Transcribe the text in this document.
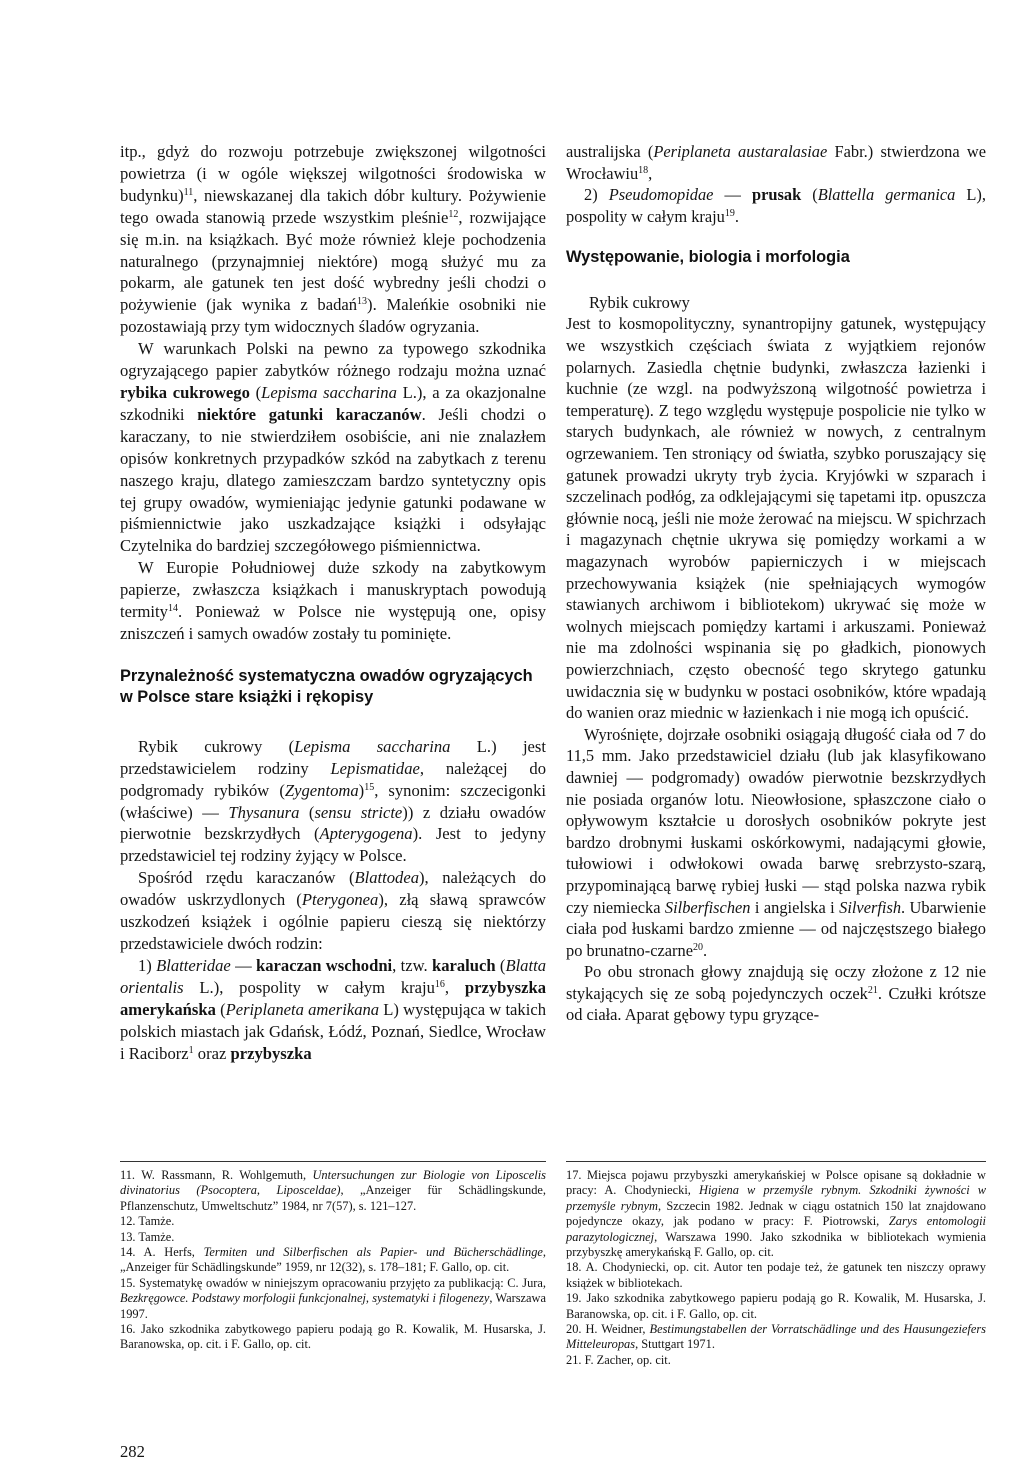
itp., gdyż do rozwoju potrzebuje zwiększonej wilgotności powietrza (i w ogóle większej wilgotności środowiska w budynku)$^{11}$, niewskazanej dla takich dóbr kultury. Pożywienie tego owada stanowią przede wszystkim pleśnie$^{12}$, rozwijające się m.in. na książkach. Być może również kleje pochodzenia naturalnego (przynajmniej niektóre) mogą służyć mu za pokarm, ale gatunek ten jest dość wybredny jeśli chodzi o pożywienie (jak wynika z badań$^{13}$). Maleńkie osobniki nie pozostawiają przy tym widocznych śladów ogryzania.

W warunkach Polski na pewno za typowego szkodnika ogryzającego papier zabytków różnego rodzaju można uznać rybika cukrowego (Lepisma saccharina L.), a za okazjonalne szkodniki niektóre gatunki karaczanów. Jeśli chodzi o karaczany, to nie stwierdziłem osobiście, ani nie znalazłem opisów konkretnych przypadków szkód na zabytkach z terenu naszego kraju, dlatego zamieszczam bardzo syntetyczny opis tej grupy owadów, wymieniając jedynie gatunki podawane w piśmiennictwie jako uszkadzające książki i odsyłając Czytelnika do bardziej szczegółowego piśmiennictwa.

W Europie Południowej duże szkody na zabytkowym papierze, zwłaszcza książkach i manuskryptach powodują termity$^{14}$. Ponieważ w Polsce nie występują one, opisy zniszczeń i samych owadów zostały tu pominięte.

Przynależność systematyczna owadów ogryzających w Polsce stare książki i rękopisy

Rybik cukrowy (Lepisma saccharina L.) jest przedstawicielem rodziny Lepismatidae, należącej do podgromady rybików (Zygentoma)$^{15}$, synonim: szczecigonki (właściwe) — Thysanura (sensu stricte)) z działu owadów pierwotnie bezskrzydłych (Apterygogena). Jest to jedyny przedstawiciel tej rodziny żyjący w Polsce.

Spośród rzędu karaczanów (Blattodea), należących do owadów uskrzydlonych (Pterygonea), złą sławą sprawców uszkodzeń książek i ogólnie papieru cieszą się niektórzy przedstawiciele dwóch rodzin:

1) Blatteridae — karaczan wschodni, tzw. karaluch (Blatta orientalis L.), pospolity w całym kraju$^{16}$, przybyszka amerykańska (Periplaneta amerikana L) występująca w takich polskich miastach jak Gdańsk, Łódź, Poznań, Siedlce, Wrocław i Raciborz$^1$ oraz przybyszka

australijska (Periplaneta austaralasiae Fabr.) stwierdzona we Wrocławiu$^{18}$,

2) Pseudomopidae — prusak (Blattella germanica L), pospolity w całym kraju$^{19}$.

Występowanie, biologia i morfologia

Rybik cukrowy

Jest to kosmopolityczny, synantropijny gatunek, występujący we wszystkich częściach świata z wyjątkiem rejonów polarnych. Zasiedla chętnie budynki, zwłaszcza łazienki i kuchnie (ze wzgl. na podwyższoną wilgotność powietrza i temperaturę). Z tego względu występuje pospolicie nie tylko w starych budynkach, ale również w nowych, z centralnym ogrzewaniem. Ten stroniący od światła, szybko poruszający się gatunek prowadzi ukryty tryb życia. Kryjówki w szparach i szczelinach podłóg, za odklejającymi się tapetami itp. opuszcza głównie nocą, jeśli nie może żerować na miejscu. W spichrzach i magazynach chętnie ukrywa się pomiędzy workami a w magazynach wyrobów papierniczych i w miejscach przechowywania książek (nie spełniających wymogów stawianych archiwom i bibliotekom) ukrywać się może w wolnych miejscach pomiędzy kartami i arkuszami. Ponieważ nie ma zdolności wspinania się po gładkich, pionowych powierzchniach, często obecność tego skrytego gatunku uwidacznia się w budynku w postaci osobników, które wpadają do wanien oraz miednic w łazienkach i nie mogą ich opuścić.

Wyrośnięte, dojrzałe osobniki osiągają długość ciała od 7 do 11,5 mm. Jako przedstawiciel działu (lub jak klasyfikowano dawniej — podgromady) owadów pierwotnie bezskrzydłych nie posiada organów lotu. Nieowłosione, spłaszczone ciało o opływowym kształcie u dorosłych osobników pokryte jest bardzo drobnymi łuskami oskórkowymi, nadającymi głowie, tułowiowi i odwłokowi owada barwę srebrzysto-szarą, przypominającą barwę rybiej łuski — stąd polska nazwa rybik czy niemiecka Silberfischen i angielska i Silverfish. Ubarwienie ciała pod łuskami bardzo zmienne — od najczęstszego białego po brunatno-czarne$^{20}$.

Po obu stronach głowy znajdują się oczy złożone z 12 nie stykających się ze sobą pojedynczych oczek$^{21}$. Czułki krótsze od ciała. Aparat gębowy typu gryzące-

11. W. Rassmann, R. Wohlgemuth, Untersuchungen zur Biologie von Liposcelis divinatorius (Psocoptera, Liposceldae), „Anzeiger für Schädlingskunde, Pflanzenschutz, Umweltschutz” 1984, nr 7(57), s. 121–127.

12. Tamże.

13. Tamże.

14. A. Herfs, Termiten und Silberfischen als Papier- und Bücherschädlinge, „Anzeiger für Schädlingskunde” 1959, nr 12(32), s. 178–181; F. Gallo, op. cit.

15. Systematykę owadów w niniejszym opracowaniu przyjęto za publikacją: C. Jura, Bezkręgowce. Podstawy morfologii funkcjonalnej, systematyki i filogenezy, Warszawa 1997.

16. Jako szkodnika zabytkowego papieru podają go R. Kowalik, M. Husarska, J. Baranowska, op. cit. i F. Gallo, op. cit.

17. Miejsca pojawu przybyszki amerykańskiej w Polsce opisane są dokładnie w pracy: A. Chodyniecki, Higiena w przemyśle rybnym. Szkodniki żywności w przemyśle rybnym, Szczecin 1982. Jednak w ciągu ostatnich 150 lat znajdowano pojedyncze okazy, jak podano w pracy: F. Piotrowski, Zarys entomologii parazytologicznej, Warszawa 1990. Jako szkodnika w bibliotekach wymienia przybyszkę amerykańską F. Gallo, op. cit.

18. A. Chodyniecki, op. cit. Autor ten podaje też, że gatunek ten niszczy oprawy książek w bibliotekach.

19. Jako szkodnika zabytkowego papieru podają go R. Kowalik, M. Husarska, J. Baranowska, op. cit. i F. Gallo, op. cit.

20. H. Weidner, Bestimungstabellen der Vorratschädlinge und des Hausungeziefers Mitteleuropas, Stuttgart 1971.

21. F. Zacher, op. cit.

282
